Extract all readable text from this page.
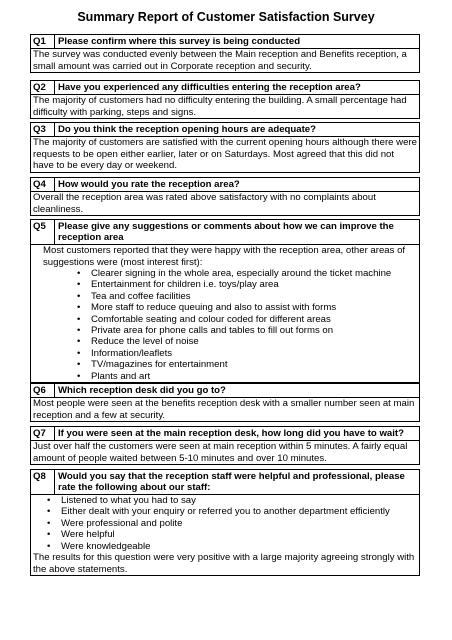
Summary Report of Customer Satisfaction Survey
Q1	Please confirm where this survey is being conducted
The survey was conducted evenly between the Main reception and Benefits reception, a small amount was carried out in Corporate reception and security.
Q2	Have you experienced any difficulties entering the reception area?
The majority of customers had no difficulty entering the building. A small percentage had difficulty with parking, steps and signs.
Q3	Do you think the reception opening hours are adequate?
The majority of customers are satisfied with the current opening hours although there were requests to be open either earlier, later or on Saturdays. Most agreed that this did not have to be every day or weekend.
Q4	How would you rate the reception area?
Overall the reception area was rated above satisfactory with no complaints about cleanliness.
Q5	Please give any suggestions or comments about how we can improve the reception area
Most customers reported that they were happy with the reception area, other areas of suggestions were (most interest first):
• Clearer signing in the whole area, especially around the ticket machine
• Entertainment for children i.e. toys/play area
• Tea and coffee facilities
• More staff to reduce queuing and also to assist with forms
• Comfortable seating and colour coded for different areas
• Private area for phone calls and tables to fill out forms on
• Reduce the level of noise
• Information/leaflets
• TV/magazines for entertainment
• Plants and art
Q6	Which reception desk did you go to?
Most people were seen at the benefits reception desk with a smaller number seen at main reception and a few at security.
Q7	If you were seen at the main reception desk, how long did you have to wait?
Just over half the customers were seen at main reception within 5 minutes. A fairly equal amount of people waited between 5-10 minutes and over 10 minutes.
Q8	Would you say that the reception staff were helpful and professional, please rate the following about our staff:
• Listened to what you had to say
• Either dealt with your enquiry or referred you to another department efficiently
• Were professional and polite
• Were helpful
• Were knowledgeable
The results for this question were very positive with a large majority agreeing strongly with the above statements.
